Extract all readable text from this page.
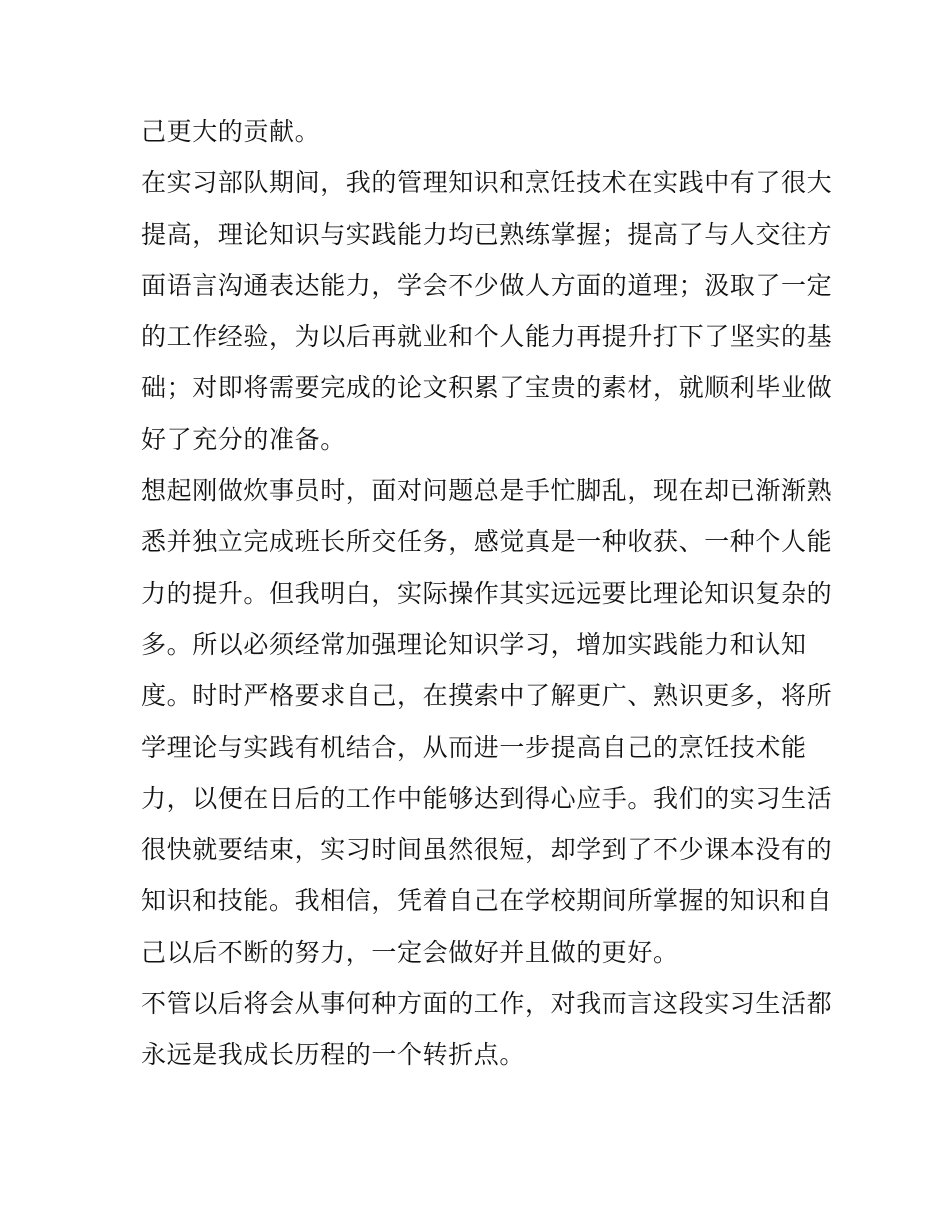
己更大的贡献。
在实习部队期间，我的管理知识和烹饪技术在实践中有了很大
提高，理论知识与实践能力均已熟练掌握；提高了与人交往方
面语言沟通表达能力，学会不少做人方面的道理；汲取了一定
的工作经验，为以后再就业和个人能力再提升打下了坚实的基
础；对即将需要完成的论文积累了宝贵的素材，就顺利毕业做
好了充分的准备。
想起刚做炊事员时，面对问题总是手忙脚乱，现在却已渐渐熟
悉并独立完成班长所交任务，感觉真是一种收获、一种个人能
力的提升。但我明白，实际操作其实远远要比理论知识复杂的
多。所以必须经常加强理论知识学习，增加实践能力和认知
度。时时严格要求自己，在摸索中了解更广、熟识更多，将所
学理论与实践有机结合，从而进一步提高自己的烹饪技术能
力，以便在日后的工作中能够达到得心应手。我们的实习生活
很快就要结束，实习时间虽然很短，却学到了不少课本没有的
知识和技能。我相信，凭着自己在学校期间所掌握的知识和自
己以后不断的努力，一定会做好并且做的更好。
不管以后将会从事何种方面的工作，对我而言这段实习生活都
永远是我成长历程的一个转折点。
